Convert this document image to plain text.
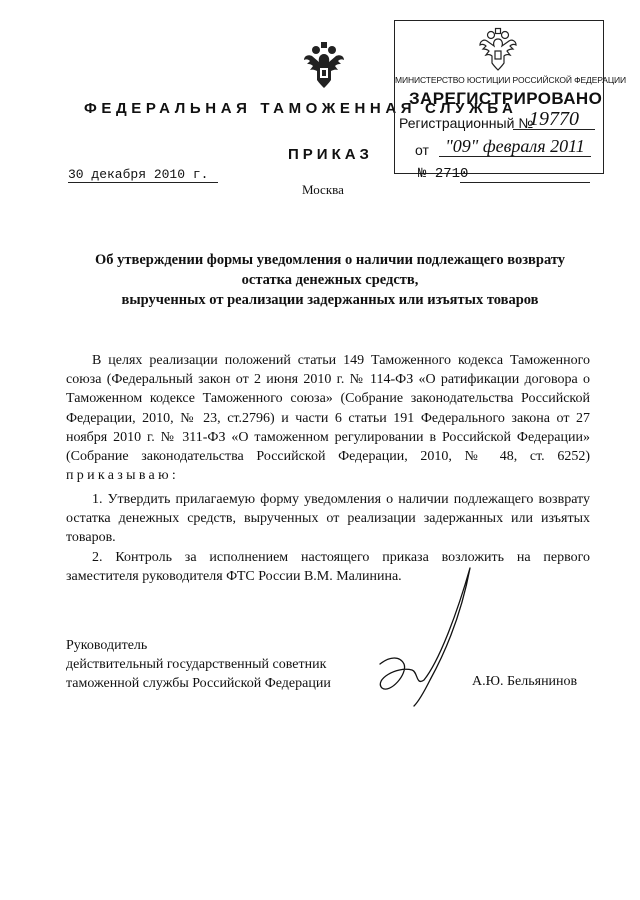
ФЕДЕРАЛЬНАЯ ТАМОЖЕННАЯ СЛУЖБА
МИНИСТЕРСТВО ЮСТИЦИИ РОССИЙСКОЙ ФЕДЕРАЦИИ
ЗАРЕГИСТРИРОВАНО
Регистрационный №
19770
от "09" февраля 2011
ПРИКАЗ
30 декабря 2010 г.	№ 2710
Москва
Об утверждении формы уведомления о наличии подлежащего возврату
остатка денежных средств,
вырученных от реализации задержанных или изъятых товаров
В целях реализации положений статьи 149 Таможенного кодекса Таможенного союза (Федеральный закон от 2 июня 2010 г. № 114-ФЗ «О ратификации договора о Таможенном кодексе Таможенного союза» (Собрание законодательства Российской Федерации, 2010, № 23, ст.2796) и части 6 статьи 191 Федерального закона от 27 ноября 2010 г. № 311-ФЗ «О таможенном регулировании в Российской Федерации» (Собрание законодательства Российской Федерации, 2010, № 48, ст. 6252) приказываю:
1. Утвердить прилагаемую форму уведомления о наличии подлежащего возврату остатка денежных средств, вырученных от реализации задержанных или изъятых товаров.
2. Контроль за исполнением настоящего приказа возложить на первого заместителя руководителя ФТС России В.М. Малинина.
Руководитель
действительный государственный советник
таможенной службы Российской Федерации	А.Ю. Бельянинов
